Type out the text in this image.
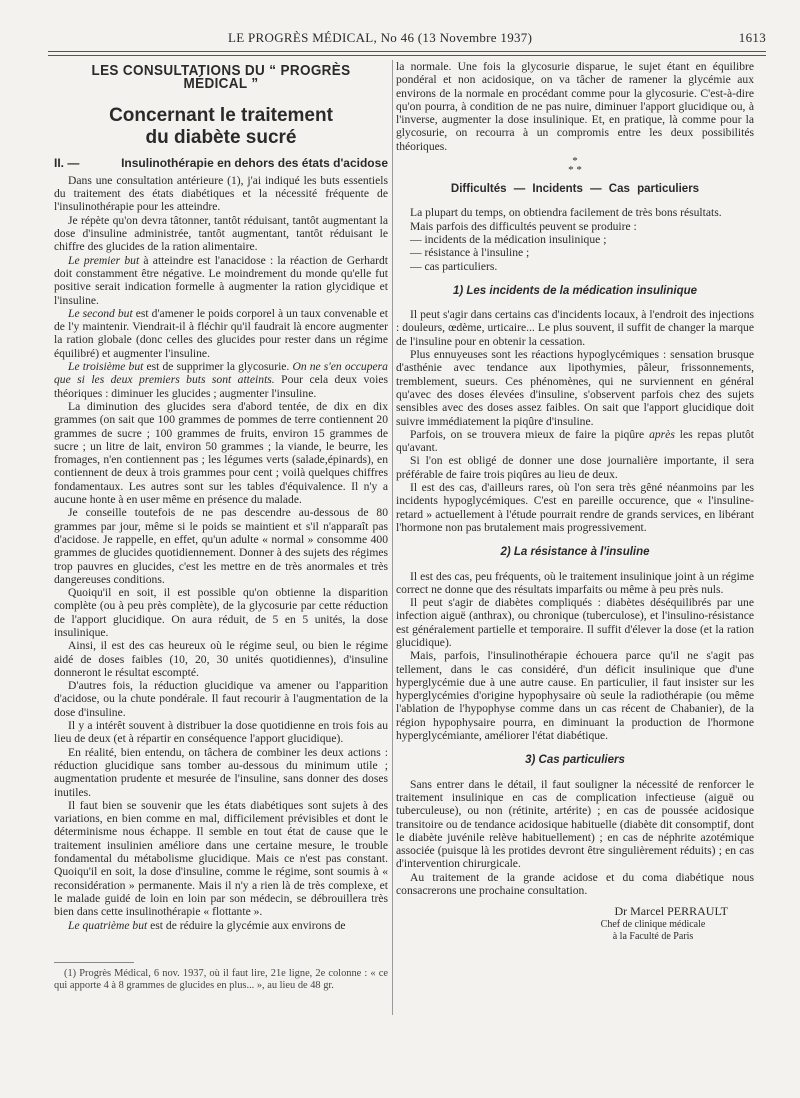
LE PROGRÈS MÉDICAL, No 46 (13 Novembre 1937)	1613
LES CONSULTATIONS DU “ PROGRÈS MÉDICAL ”
Concernant le traitement
du diabète sucré
II. —	Insulinothérapie en dehors des états d'acidose

Dans une consultation antérieure (1), j'ai indiqué les buts essentiels du traitement des états diabétiques et la nécessité fréquente de l'insulinothérapie pour les atteindre.

Je répète qu'on devra tâtonner, tantôt réduisant, tantôt augmentant la dose d'insuline administrée, tantôt augmentant, tantôt réduisant le chiffre des glucides de la ration alimentaire.

Le premier but à atteindre est l'anacidose : la réaction de Gerhardt doit constamment être négative. Le moindrement du monde qu'elle fut positive serait indication formelle à augmenter la ration glycidique et l'insuline.

Le second but est d'amener le poids corporel à un taux convenable et de l'y maintenir. Viendrait-il à fléchir qu'il faudrait là encore augmenter la ration globale (donc celles des glucides pour rester dans un régime équilibré) et augmenter l'insuline.

Le troisième but est de supprimer la glycosurie. On ne s'en occupera que si les deux premiers buts sont atteints. Pour cela deux voies théoriques : diminuer les glucides ; augmenter l'insuline.

La diminution des glucides sera d'abord tentée, de dix en dix grammes (on sait que 100 grammes de pommes de terre contiennent 20 grammes de sucre ; 100 grammes de fruits, environ 15 grammes de sucre ; un litre de lait, environ 50 grammes ; la viande, le beurre, les fromages, n'en contiennent pas ; les légumes verts (salade,épinards), en contiennent de deux à trois grammes pour cent ; voilà quelques chiffres fondamentaux. Les autres sont sur les tables d'équivalence. Il n'y a aucune honte à en user même en présence du malade.

Je conseille toutefois de ne pas descendre au-dessous de 80 grammes par jour, même si le poids se maintient et s'il n'apparaît pas d'acidose. Je rappelle, en effet, qu'un adulte « normal » consomme 400 grammes de glucides quotidiennement. Donner à des sujets des régimes trop pauvres en glucides, c'est les mettre en de très anormales et très dangereuses conditions.

Quoiqu'il en soit, il est possible qu'on obtienne la disparition complète (ou à peu près complète), de la glycosurie par cette réduction de l'apport glucidique. On aura réduit, de 5 en 5 unités, la dose insulinique.

Ainsi, il est des cas heureux où le régime seul, ou bien le régime aidé de doses faibles (10, 20, 30 unités quotidiennes), d'insuline donneront le résultat escompté.

D'autres fois, la réduction glucidique va amener ou l'apparition d'acidose, ou la chute pondérale. Il faut recourir à l'augmentation de la dose d'insuline.

Il y a intérêt souvent à distribuer la dose quotidienne en trois fois au lieu de deux (et à répartir en conséquence l'apport glucidique).

En réalité, bien entendu, on tâchera de combiner les deux actions : réduction glucidique sans tomber au-dessous du minimum utile ; augmentation prudente et mesurée de l'insuline, sans donner des doses inutiles.

Il faut bien se souvenir que les états diabétiques sont sujets à des variations, en bien comme en mal, difficilement prévisibles et dont le déterminisme nous échappe. Il semble en tout état de cause que le traitement insulinien améliore dans une certaine mesure, le trouble fondamental du métabolisme glucidique. Mais ce n'est pas constant. Quoiqu'il en soit, la dose d'insuline, comme le régime, sont soumis à « reconsidération » permanente. Mais il n'y a rien là de très complexe, et le malade guidé de loin en loin par son médecin, se débrouillera très bien dans cette insulinothérapie « flottante ».

Le quatrième but est de réduire la glycémie aux environs de

(1) Progrès Médical, 6 nov. 1937, où il faut lire, 21e ligne, 2e colonne : « ce qui apporte 4 à 8 grammes de glucides en plus... », au lieu de 48 gr.

la normale. Une fois la glycosurie disparue, le sujet étant en équilibre pondéral et non acidosique, on va tâcher de ramener la glycémie aux environs de la normale en procédant comme pour la glycosurie. C'est-à-dire qu'on pourra, à condition de ne pas nuire, diminuer l'apport glucidique ou, à l'inverse, augmenter la dose insulinique. Et, en pratique, là comme pour la glycosurie, on recourra à un compromis entre les deux possibilités théoriques.

*
* *
Difficultés — Incidents — Cas particuliers

La plupart du temps, on obtiendra facilement de très bons résultats.

Mais parfois des difficultés peuvent se produire :

— incidents de la médication insulinique ;

— résistance à l'insuline ;

— cas particuliers.

1) Les incidents de la médication insulinique

Il peut s'agir dans certains cas d'incidents locaux, à l'endroit des injections : douleurs, œdème, urticaire... Le plus souvent, il suffit de changer la marque de l'insuline pour en obtenir la cessation.

Plus ennuyeuses sont les réactions hypoglycémiques : sensation brusque d'asthénie avec tendance aux lipothymies, pâleur, frissonnements, tremblement, sueurs. Ces phénomènes, qui ne surviennent en général qu'avec des doses élevées d'insuline, s'observent parfois chez des sujets sensibles avec des doses assez faibles. On sait que l'apport glucidique doit suivre immédiatement la piqûre d'insuline.

Parfois, on se trouvera mieux de faire la piqûre après les repas plutôt qu'avant.

Si l'on est obligé de donner une dose journalière importante, il sera préférable de faire trois piqûres au lieu de deux.

Il est des cas, d'ailleurs rares, où l'on sera très gêné néanmoins par les incidents hypoglycémiques. C'est en pareille occurence, que « l'insuline-retard » actuellement à l'étude pourrait rendre de grands services, en libérant l'hormone non pas brutalement mais progressivement.

2) La résistance à l'insuline

Il est des cas, peu fréquents, où le traitement insulinique joint à un régime correct ne donne que des résultats imparfaits ou même à peu près nuls.

Il peut s'agir de diabètes compliqués : diabètes déséquilibrés par une infection aiguë (anthrax), ou chronique (tuberculose), et l'insulino-résistance est généralement partielle et temporaire. Il suffit d'élever la dose (et la ration glucidique).

Mais, parfois, l'insulinothérapie échouera parce qu'il ne s'agit pas tellement, dans le cas considéré, d'un déficit insulinique que d'une hyperglycémie due à une autre cause. En particulier, il faut insister sur les hyperglycémies d'origine hypophysaire où seule la radiothérapie (ou même l'ablation de l'hypophyse comme dans un cas récent de Chabanier), de la région hypophysaire pourra, en diminuant la production de l'hormone hyperglycémiante, améliorer l'état diabétique.

3) Cas particuliers

Sans entrer dans le détail, il faut souligner la nécessité de renforcer le traitement insulinique en cas de complication infectieuse (aiguë ou tuberculeuse), ou non (rétinite, artérite) ; en cas de poussée acidosique transitoire ou de tendance acidosique habituelle (diabète dit consomptif, dont le diabète juvénile relève habituellement) ; en cas de néphrite azotémique associée (puisque là les protides devront être singulièrement réduits) ; en cas d'intervention chirurgicale.

Au traitement de la grande acidose et du coma diabétique nous consacrerons une prochaine consultation.

Dr Marcel PERRAULT
Chef de clinique médicale
à la Faculté de Paris
